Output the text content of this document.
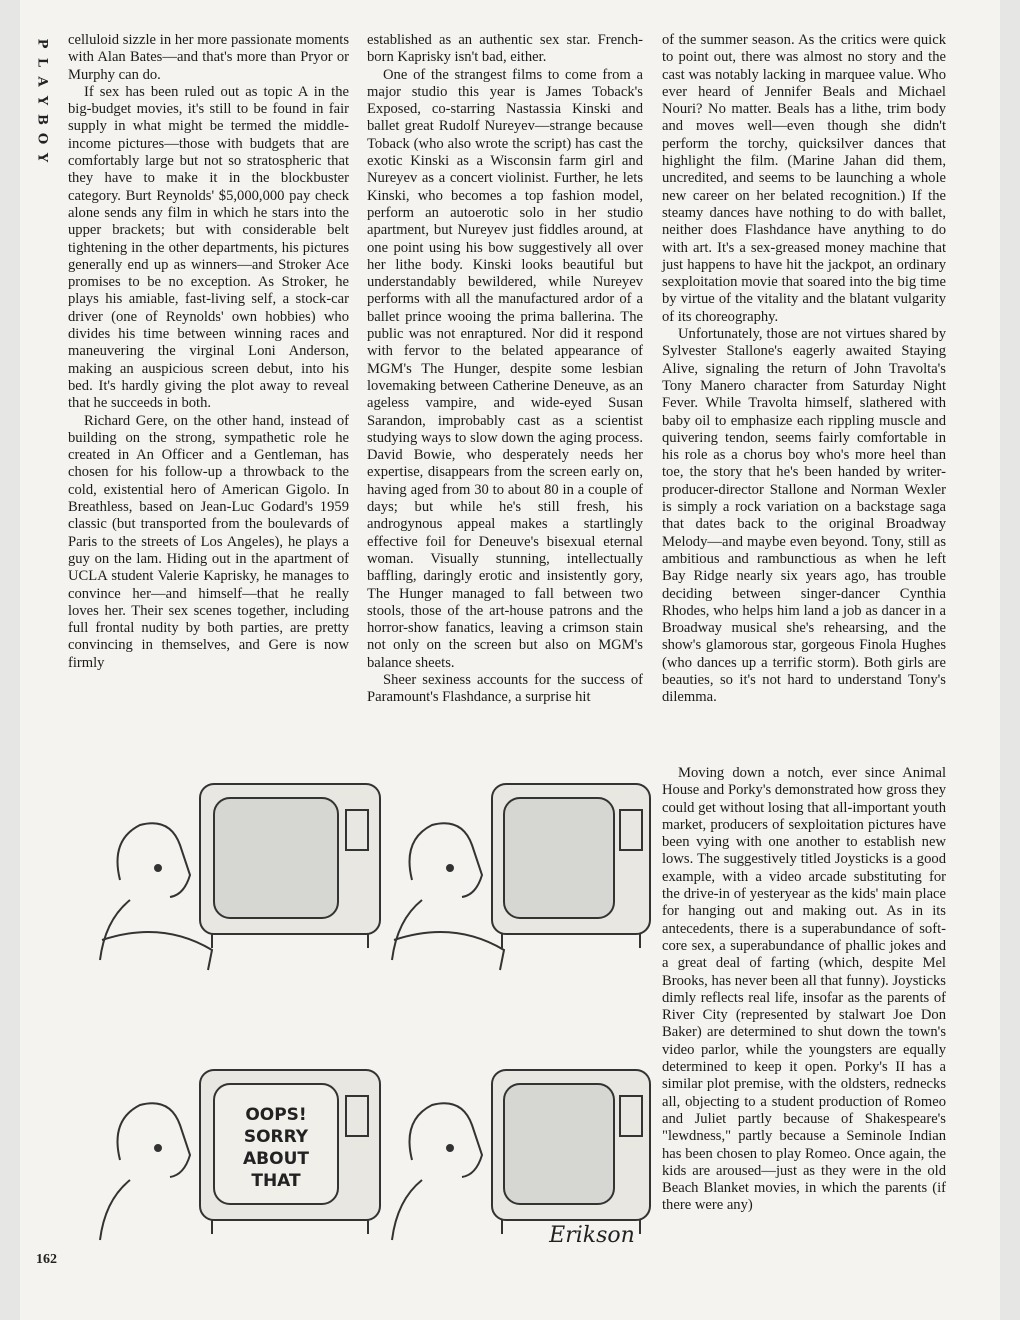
P
L
A
Y
B
O
Y

celluloid sizzle in her more passionate moments with Alan Bates—and that's more than Pryor or Murphy can do.

If sex has been ruled out as topic A in the big-budget movies, it's still to be found in fair supply in what might be termed the middle-income pictures—those with budgets that are comfortably large but not so stratospheric that they have to make it in the blockbuster category. Burt Reynolds' $5,000,000 pay check alone sends any film in which he stars into the upper brackets; but with considerable belt tightening in the other departments, his pictures generally end up as winners—and Stroker Ace promises to be no exception. As Stroker, he plays his amiable, fast-living self, a stock-car driver (one of Reynolds' own hobbies) who divides his time between winning races and maneuvering the virginal Loni Anderson, making an auspicious screen debut, into his bed. It's hardly giving the plot away to reveal that he succeeds in both.

Richard Gere, on the other hand, instead of building on the strong, sympathetic role he created in An Officer and a Gentleman, has chosen for his follow-up a throwback to the cold, existential hero of American Gigolo. In Breathless, based on Jean-Luc Godard's 1959 classic (but transported from the boulevards of Paris to the streets of Los Angeles), he plays a guy on the lam. Hiding out in the apartment of UCLA student Valerie Kaprisky, he manages to convince her—and himself—that he really loves her. Their sex scenes together, including full frontal nudity by both parties, are pretty convincing in themselves, and Gere is now firmly

established as an authentic sex star. French-born Kaprisky isn't bad, either.

One of the strangest films to come from a major studio this year is James Toback's Exposed, co-starring Nastassia Kinski and ballet great Rudolf Nureyev—strange because Toback (who also wrote the script) has cast the exotic Kinski as a Wisconsin farm girl and Nureyev as a concert violinist. Further, he lets Kinski, who becomes a top fashion model, perform an autoerotic solo in her studio apartment, but Nureyev just fiddles around, at one point using his bow suggestively all over her lithe body. Kinski looks beautiful but understandably bewildered, while Nureyev performs with all the manufactured ardor of a ballet prince wooing the prima ballerina. The public was not enraptured. Nor did it respond with fervor to the belated appearance of MGM's The Hunger, despite some lesbian lovemaking between Catherine Deneuve, as an ageless vampire, and wide-eyed Susan Sarandon, improbably cast as a scientist studying ways to slow down the aging process. David Bowie, who desperately needs her expertise, disappears from the screen early on, having aged from 30 to about 80 in a couple of days; but while he's still fresh, his androgynous appeal makes a startlingly effective foil for Deneuve's bisexual eternal woman. Visually stunning, intellectually baffling, daringly erotic and insistently gory, The Hunger managed to fall between two stools, those of the art-house patrons and the horror-show fanatics, leaving a crimson stain not only on the screen but also on MGM's balance sheets.

Sheer sexiness accounts for the success of Paramount's Flashdance, a surprise hit

of the summer season. As the critics were quick to point out, there was almost no story and the cast was notably lacking in marquee value. Who ever heard of Jennifer Beals and Michael Nouri? No matter. Beals has a lithe, trim body and moves well—even though she didn't perform the torchy, quicksilver dances that highlight the film. (Marine Jahan did them, uncredited, and seems to be launching a whole new career on her belated recognition.) If the steamy dances have nothing to do with ballet, neither does Flashdance have anything to do with art. It's a sex-greased money machine that just happens to have hit the jackpot, an ordinary sexploitation movie that soared into the big time by virtue of the vitality and the blatant vulgarity of its choreography.

Unfortunately, those are not virtues shared by Sylvester Stallone's eagerly awaited Staying Alive, signaling the return of John Travolta's Tony Manero character from Saturday Night Fever. While Travolta himself, slathered with baby oil to emphasize each rippling muscle and quivering tendon, seems fairly comfortable in his role as a chorus boy who's more heel than toe, the story that he's been handed by writer-producer-director Stallone and Norman Wexler is simply a rock variation on a backstage saga that dates back to the original Broadway Melody—and maybe even beyond. Tony, still as ambitious and rambunctious as when he left Bay Ridge nearly six years ago, has trouble deciding between singer-dancer Cynthia Rhodes, who helps him land a job as dancer in a Broadway musical she's rehearsing, and the show's glamorous star, gorgeous Finola Hughes (who dances up a terrific storm). Both girls are beauties, so it's not hard to understand Tony's dilemma.

Moving down a notch, ever since Animal House and Porky's demonstrated how gross they could get without losing that all-important youth market, producers of sexploitation pictures have been vying with one another to establish new lows. The suggestively titled Joysticks is a good example, with a video arcade substituting for the drive-in of yesteryear as the kids' main place for hanging out and making out. As in its antecedents, there is a superabundance of soft-core sex, a superabundance of phallic jokes and a great deal of farting (which, despite Mel Brooks, has never been all that funny). Joysticks dimly reflects real life, insofar as the parents of River City (represented by stalwart Joe Don Baker) are determined to shut down the town's video parlor, while the youngsters are equally determined to keep it open. Porky's II has a similar plot premise, with the oldsters, rednecks all, objecting to a student production of Romeo and Juliet partly because of Shakespeare's "lewdness," partly because a Seminole Indian has been chosen to play Romeo. Once again, the kids are aroused—just as they were in the old Beach Blanket movies, in which the parents (if there were any)

OOPS!
SORRY
ABOUT
THAT
Erikson
162
